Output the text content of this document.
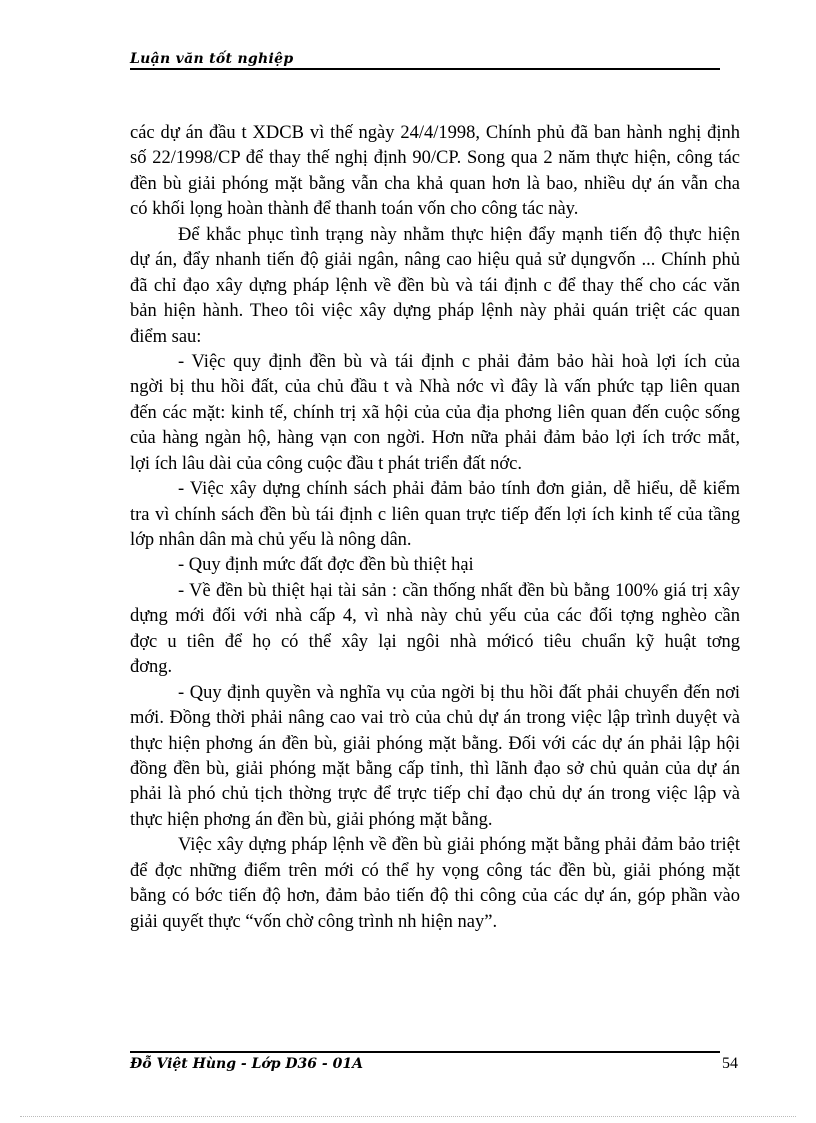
Luận văn tốt nghiệp
các dự án đầu t XDCB vì thế ngày 24/4/1998, Chính phủ đã ban hành nghị định
số 22/1998/CP để thay thế nghị định 90/CP. Song qua 2 năm thực hiện, công tác
đền bù giải phóng mặt bằng vẫn cha khả quan hơn là bao, nhiều dự án vẫn cha
có khối lọng hoàn thành để thanh toán vốn cho công tác này.
Để khắc phục tình trạng này nhằm thực hiện đẩy mạnh tiến độ thực hiện
dự án, đẩy nhanh tiến độ giải ngân, nâng cao hiệu quả sử dụngvốn ... Chính phủ
đã chỉ đạo xây dựng pháp lệnh về đền bù và tái định c để thay thế cho các văn
bản hiện hành. Theo tôi việc xây dựng pháp lệnh này phải quán triệt các quan
điểm sau:
- Việc quy định đền bù và tái định c phải đảm bảo hài hoà lợi ích của
ngời bị thu hồi đất, của chủ đầu t và Nhà nớc vì đây là vấn phức tạp liên quan
đến các mặt: kinh tế, chính trị xã hội của của địa phơng liên quan đến cuộc sống
của hàng ngàn hộ, hàng vạn con ngời. Hơn nữa phải đảm bảo lợi ích trớc mắt,
lợi ích lâu dài của công cuộc đầu t phát triển đất nớc.
- Việc xây dựng chính sách phải đảm bảo tính đơn giản, dễ hiểu, dễ kiểm
tra vì chính sách đền bù tái định c liên quan trực tiếp đến lợi ích kinh tế của tầng
lớp nhân dân mà chủ yếu là nông dân.
- Quy định mức đất đợc đền bù thiệt hại
- Về đền bù thiệt hại tài sản : cần thống nhất đền bù bằng 100% giá trị xây
dựng mới đối với nhà cấp 4, vì nhà này chủ yếu của các đối tợng nghèo cần
đợc u tiên để họ có thể xây lại ngôi nhà mớicó tiêu chuẩn kỹ huật tơng
đơng.
- Quy định quyền và nghĩa vụ của ngời bị thu hồi đất phải chuyển đến nơi
mới. Đồng thời phải nâng cao vai trò của chủ dự án trong việc lập trình duyệt và
thực hiện phơng án đền bù, giải phóng mặt bằng. Đối với các dự án phải lập hội
đồng đền bù, giải phóng mặt bằng cấp tỉnh, thì lãnh đạo sở chủ quản của dự án
phải là phó chủ tịch thờng trực để trực tiếp chỉ đạo chủ dự án trong việc lập và
thực hiện phơng án đền bù, giải phóng mặt bằng.
Việc xây dựng pháp lệnh về đền bù giải phóng mặt bằng phải đảm bảo triệt
để đợc những điểm trên mới có thể hy vọng công tác đền bù, giải phóng mặt
bằng có bớc tiến độ hơn, đảm bảo tiến độ thi công của các dự án, góp phần vào
giải quyết thực “vốn chờ công trình nh hiện nay”.
Đỗ Việt Hùng - Lớp D36 - 01A	54
